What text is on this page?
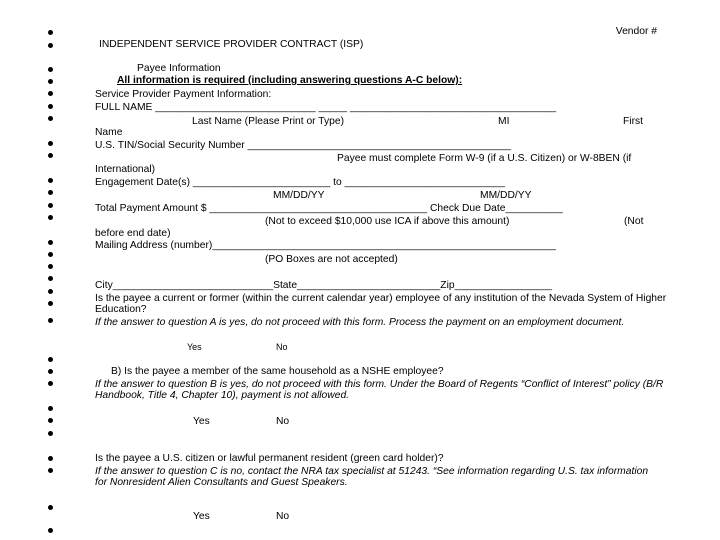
Vendor #
INDEPENDENT SERVICE PROVIDER CONTRACT (ISP)
Payee Information
All information is required (including answering questions A-C below):
Service Provider Payment Information:
FULL NAME ____________________________ _____ ____________________________________
Last Name (Please Print or Type)	MI	First
Name
U.S. TIN/Social Security Number ______________________________________________
Payee must complete Form W-9 (if a U.S. Citizen) or W-8BEN (if
International)
Engagement Date(s) ________________________ to ____________________________
MM/DD/YY	MM/DD/YY
Total Payment Amount $ ______________________________________ Check Due Date__________
(Not to exceed $10,000 use ICA if above this amount)	(Not
before end date)
Mailing Address (number)____________________________________________________________
(PO Boxes are not accepted)
City____________________________State_________________________Zip_________________
Is the payee a current or former (within the current calendar year) employee of any institution of the Nevada System of Higher Education?
If the answer to question A is yes, do not proceed with this form. Process the payment on an employment document.
Yes	No
B) Is the payee a member of the same household as a NSHE employee?
If the answer to question B is yes, do not proceed with this form. Under the Board of Regents “Conflict of Interest” policy (B/R Handbook, Title 4, Chapter 10), payment is not allowed.
Yes	No
Is the payee a U.S. citizen or lawful permanent resident (green card holder)?
If the answer to question C is no, contact the NRA tax specialist at 51243. “See information regarding U.S. tax information for Nonresident Alien Consultants and Guest Speakers.
Yes	No
